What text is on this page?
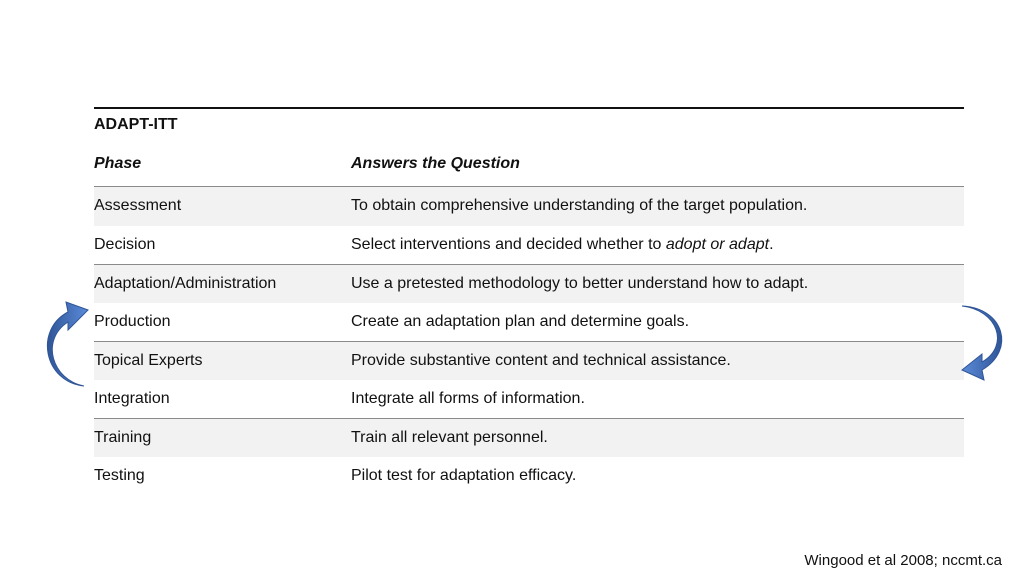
ADAPT-ITT
Phase	Answers the Question
Assessment	To obtain comprehensive understanding of the target population.
Decision	Select interventions and decided whether to adopt or adapt.
Adaptation/Administration	Use a pretested methodology to better understand how to adapt.
Production	Create an adaptation plan and determine goals.
Topical Experts	Provide substantive content and technical assistance.
Integration	Integrate all forms of information.
Training	Train all relevant personnel.
Testing	Pilot test for adaptation efficacy.
Wingood et al 2008; nccmt.ca
